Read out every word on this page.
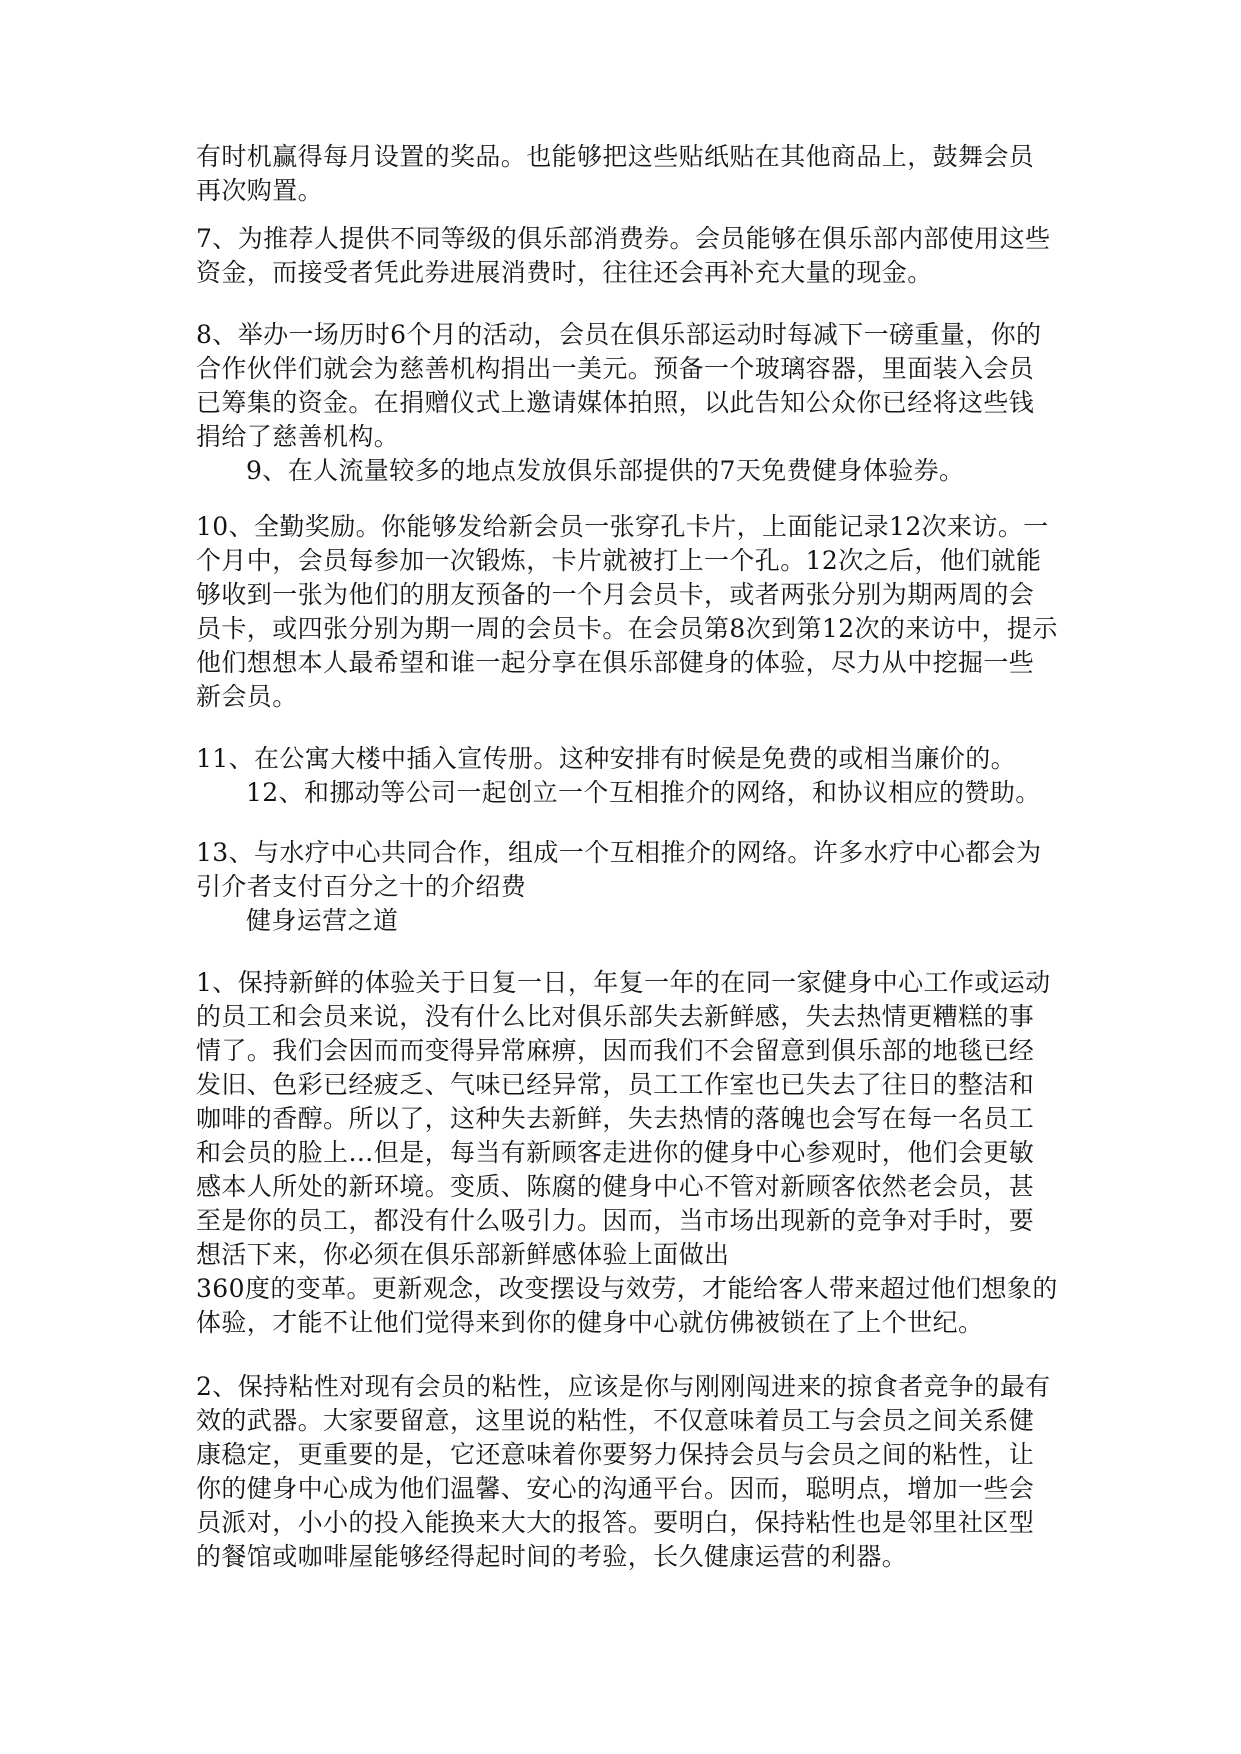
有时机赢得每月设置的奖品。也能够把这些贴纸贴在其他商品上，鼓舞会员
再次购置。
7、为推荐人提供不同等级的俱乐部消费券。会员能够在俱乐部内部使用这些
资金，而接受者凭此券进展消费时，往往还会再补充大量的现金。
8、举办一场历时6个月的活动，会员在俱乐部运动时每减下一磅重量，你的
合作伙伴们就会为慈善机构捐出一美元。预备一个玻璃容器，里面装入会员
已筹集的资金。在捐赠仪式上邀请媒体拍照，以此告知公众你已经将这些钱
捐给了慈善机构。
9、在人流量较多的地点发放俱乐部提供的7天免费健身体验券。
10、全勤奖励。你能够发给新会员一张穿孔卡片，上面能记录12次来访。一
个月中，会员每参加一次锻炼，卡片就被打上一个孔。12次之后，他们就能
够收到一张为他们的朋友预备的一个月会员卡，或者两张分别为期两周的会
员卡，或四张分别为期一周的会员卡。在会员第8次到第12次的来访中，提示
他们想想本人最希望和谁一起分享在俱乐部健身的体验，尽力从中挖掘一些
新会员。
11、在公寓大楼中插入宣传册。这种安排有时候是免费的或相当廉价的。
12、和挪动等公司一起创立一个互相推介的网络，和协议相应的赞助。
13、与水疗中心共同合作，组成一个互相推介的网络。许多水疗中心都会为
引介者支付百分之十的介绍费
健身运营之道
1、保持新鲜的体验关于日复一日，年复一年的在同一家健身中心工作或运动
的员工和会员来说，没有什么比对俱乐部失去新鲜感，失去热情更糟糕的事
情了。我们会因而而变得异常麻痹，因而我们不会留意到俱乐部的地毯已经
发旧、色彩已经疲乏、气味已经异常，员工工作室也已失去了往日的整洁和
咖啡的香醇。所以了，这种失去新鲜，失去热情的落魄也会写在每一名员工
和会员的脸上…但是，每当有新顾客走进你的健身中心参观时，他们会更敏
感本人所处的新环境。变质、陈腐的健身中心不管对新顾客依然老会员，甚
至是你的员工，都没有什么吸引力。因而，当市场出现新的竞争对手时，要
想活下来，你必须在俱乐部新鲜感体验上面做出
360度的变革。更新观念，改变摆设与效劳，才能给客人带来超过他们想象的
体验，才能不让他们觉得来到你的健身中心就仿佛被锁在了上个世纪。
2、保持粘性对现有会员的粘性，应该是你与刚刚闯进来的掠食者竞争的最有
效的武器。大家要留意，这里说的粘性，不仅意味着员工与会员之间关系健
康稳定，更重要的是，它还意味着你要努力保持会员与会员之间的粘性，让
你的健身中心成为他们温馨、安心的沟通平台。因而，聪明点，增加一些会
员派对，小小的投入能换来大大的报答。要明白，保持粘性也是邻里社区型
的餐馆或咖啡屋能够经得起时间的考验，长久健康运营的利器。
